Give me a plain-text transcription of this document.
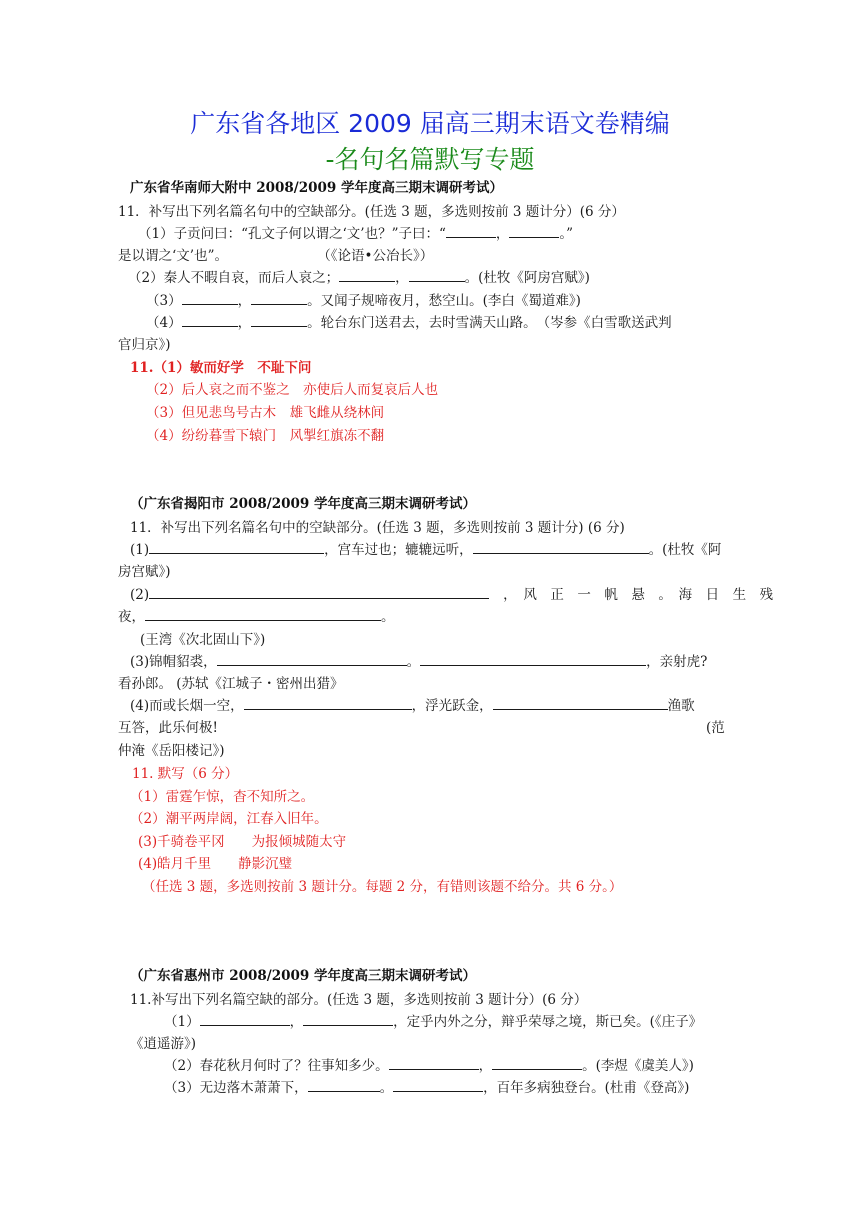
广东省各地区 2009 届高三期末语文卷精编
-名句名篇默写专题
广东省华南师大附中 2008/2009 学年度高三期末调研考试）
11．补写出下列名篇名句中的空缺部分。(任选 3 题，多选则按前 3 题计分）(6 分）
（1）子贡问曰：“孔文子何以谓之‘文’也？”子曰：“	，	。”
是以谓之‘文’也”。	（《论语•公冶长》）
（2）秦人不暇自哀，而后人哀之；	，	。(杜牧《阿房宫赋》)
（3）	，	。又闻子规啼夜月，愁空山。(李白《蜀道难》)
（4）	，	。轮台东门送君去，去时雪满天山路。　（岑参《白雪歌送武判
官归京》)
11.（1）敏而好学　不耻下问
（2）后人哀之而不鉴之　亦使后人而复哀后人也
（3）但见悲鸟号古木　雄飞雌从绕林间
（4）纷纷暮雪下辕门　风掣红旗冻不翻
（广东省揭阳市 2008/2009 学年度高三期末调研考试）
11．补写出下列名篇名句中的空缺部分。(任选 3 题，多选则按前 3 题计分) (6 分)
(1)	，宫车过也；辘辘远听，	。(杜牧《阿
房宫赋》)
(2)	，　风　正　一　帆　悬　。　海　日　生　残
夜，	。
(王湾《次北固山下》)
(3)锦帽貂裘，	。	，亲射虎?
看孙郎。 (苏轼《江城子・密州出猎》
(4)而或长烟一空，	，浮光跃金，	渔歌
互答，此乐何极!	(范
仲淹《岳阳楼记》)
11. 默写（6 分）
（1）雷霆乍惊，杳不知所之。
（2）潮平两岸阔，江春入旧年。
(3)千骑卷平冈　　为报倾城随太守
(4)皓月千里　　静影沉璧
（任选 3 题，多选则按前 3 题计分。每题 2 分，有错则该题不给分。共 6 分。）
（广东省惠州市 2008/2009 学年度高三期末调研考试）
11.补写出下列名篇空缺的部分。(任选 3 题，多选则按前 3 题计分）(6 分）
（1）	，	，定乎内外之分，辩乎荣辱之境，斯已矣。(《庄子》
《逍遥游》)
（2）春花秋月何时了？往事知多少。	，	。(李煜《虞美人》)
（3）无边落木萧萧下，	。	，百年多病独登台。(杜甫《登高》)
